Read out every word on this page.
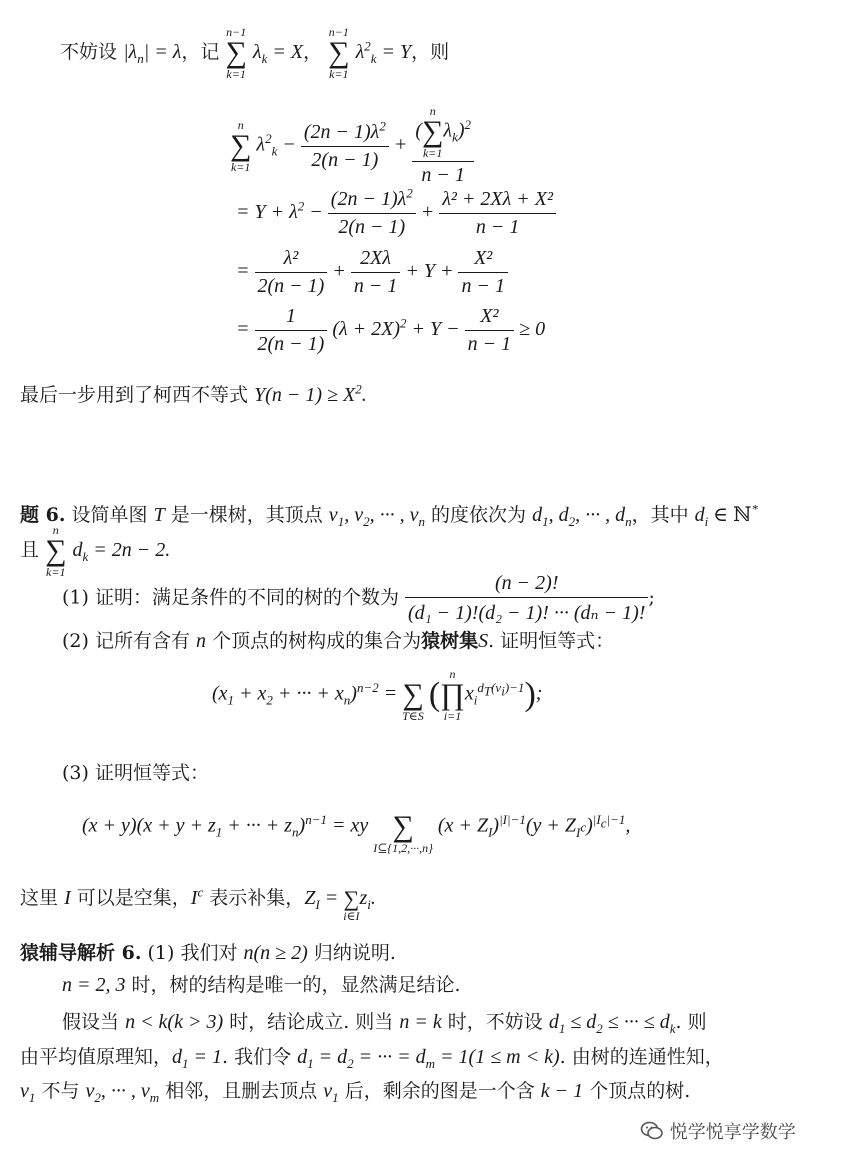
不妨设 $|\lambda_n| = \lambda$，记
n−1
∑
k=1
$\lambda_k = X$，
n−1
∑
k=1
$\lambda^2_k = Y$，则
n
∑
k=1
$\lambda^2_k - \frac{(2n - 1)\lambda^2}{2(n - 1)}$ + (
n
∑
k=1
$\lambda_k)^2$
n − 1
= $Y + \lambda^2 - \frac{(2n - 1)\lambda^2}{2(n - 1)} + \frac{\text{λ² + 2Xλ + X²}}{n - 1}$
= $\frac{\text{λ²}}{2(n - 1)} + \frac{2X\lambda}{n - 1} + Y + \frac{\text{X²}}{n - 1}$
= $\frac{1}{2(n - 1)} (\lambda + 2X)^2 + Y - \frac{\text{X²}}{n - 1} \ge 0$
最后一步用到了柯西不等式 $Y(n - 1) \ge X^2$.
题 6. 设简单图 T 是一棵树，其顶点 $v_1$, $v_2$, ··· , $v_n$ 的度依次为 $d_1$, $d_2$, ··· , $d_n$，其中 $d_i$ ∈ ℕ*
且
n
∑
k=1
$d_k = 2n - 2$.
(1) 证明：满足条件的不同的树的个数为 $\frac{(n - 2)!}{\text{(d₁ − 1)!(d₂ − 1)! ··· (dₙ − 1)!}}$ ;
(2) 记所有含有 n 个顶点的树构成的集合为猿树集S. 证明恒等式：
($x_1 + x_2$ + ··· + $x_n)^{n-2}$ =
∑
T∈S
(
n
∏
i=1
$x_i^{d_T(v_i)-1}$);
(3) 证明恒等式：
$(x + y)(x + y + z_1$ + ··· + $z_n)^{n-1}$ = xy
∑
I⊆{1,2,···,n}
$(x + Z_I)^{|I|-1}(y + Z_{I^c})^{|I_c|-1}$,
这里 I 可以是空集，$I^c$ 表示补集，$Z_I$ =
∑
i∈I
$z_i$.
猿辅导解析 6. (1) 我们对 n(n ≥ 2) 归纳说明.
n = 2, 3 时，树的结构是唯一的，显然满足结论.
假设当 n < k(k > 3) 时，结论成立. 则当 n = k 时，不妨设 $d_1 \le d_2$ ≤ ··· ≤ $d_k$. 则
由平均值原理知，$d_1 = 1$. 我们令 $d_1 = d_2$ = ··· = $d_m = 1(1 \le m < k)$. 由树的连通性知，
$v_1$ 不与 $v_2$, ··· , $v_m$ 相邻，且删去顶点 $v_1$ 后，剩余的图是一个含 k − 1 个顶点的树.
悦学悦享学数学
